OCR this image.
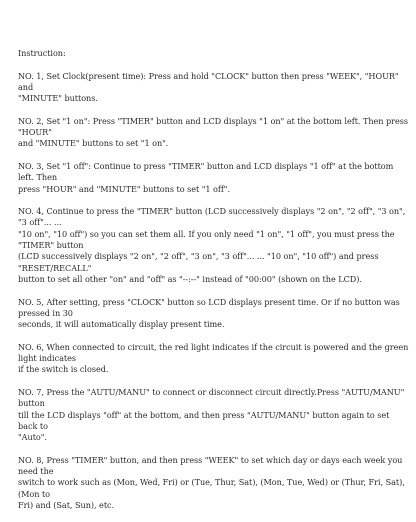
Instruction:

NO. 1, Set Clock(present time): Press and hold "CLOCK" button then press "WEEK", "HOUR" and
"MINUTE" buttons.

NO. 2, Set "1 on": Press "TIMER" button and LCD displays "1 on" at the bottom left. Then press "HOUR"
and "MINUTE" buttons to set "1 on".

NO. 3, Set "1 off": Continue to press "TIMER" button and LCD displays "1 off" at the bottom left. Then
press "HOUR" and "MINUTE" buttons to set "1 off".

NO. 4, Continue to press the "TIMER" button (LCD successively displays "2 on", "2 off", "3 on", "3 off"... ...
"10 on", "10 off") so you can set them all. If you only need "1 on", "1 off", you must press the "TIMER" button
(LCD successively displays "2 on", "2 off", "3 on", "3 off"... ... "10 on", "10 off") and press "RESET/RECALL"
button to set all other "on" and "off" as "--:--" instead of "00:00" (shown on the LCD).

NO. 5, After setting, press "CLOCK" button so LCD displays present time. Or if no button was pressed in 30
seconds, it will automatically display present time.

NO. 6, When connected to circuit, the red light indicates if the circuit is powered and the green light indicates
if the switch is closed.

NO. 7, Press the "AUTU/MANU" to connect or disconnect circuit directly.Press "AUTU/MANU" button
till the LCD displays "off" at the bottom, and then press "AUTU/MANU" button again to set back to
"Auto".

NO. 8, Press "TIMER" button, and then press "WEEK" to set which day or days each week you need the
switch to work such as (Mon, Wed, Fri) or (Tue, Thur, Sat), (Mon, Tue, Wed) or (Thur, Fri, Sat), (Mon to
Fri) and (Sat, Sun), etc.
